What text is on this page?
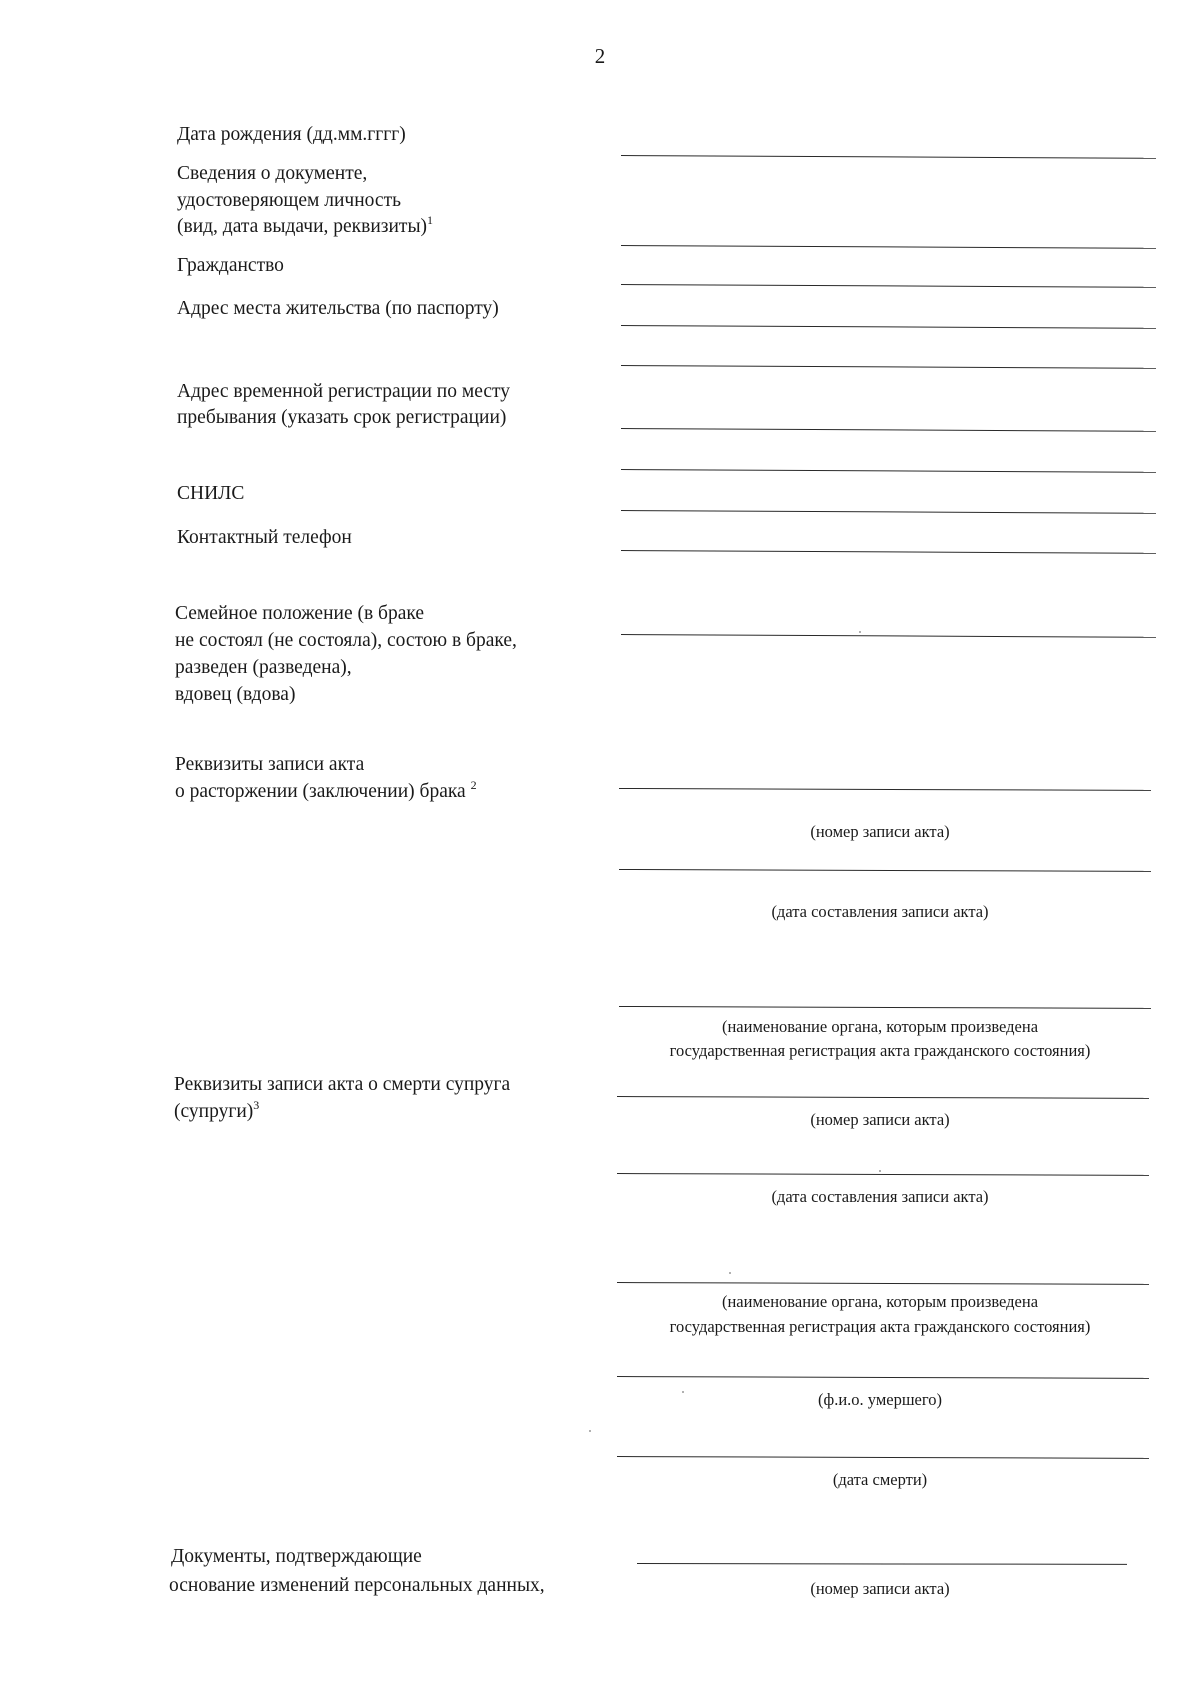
2
Дата рождения (дд.мм.гггг)
Сведения о документе,
удостоверяющем личность
(вид, дата выдачи, реквизиты)$^1$
Гражданство
Адрес места жительства (по паспорту)
Адрес временной регистрации по месту
пребывания (указать срок регистрации)
СНИЛС
Контактный телефон
Семейное положение (в браке
не состоял (не состояла), состою в браке,
разведен (разведена),
вдовец (вдова)
Реквизиты записи акта
о расторжении (заключении) брака $^2$
Реквизиты записи акта о смерти супруга
(супруги)$^3$
Документы, подтверждающие
основание изменений персональных данных,
(номер записи акта)
(дата составления записи акта)
(наименование органа, которым произведена
государственная регистрация акта гражданского состояния)
(номер записи акта)
(дата составления записи акта)
(наименование органа, которым произведена
государственная регистрация акта гражданского состояния)
(ф.и.о. умершего)
(дата смерти)
(номер записи акта)
